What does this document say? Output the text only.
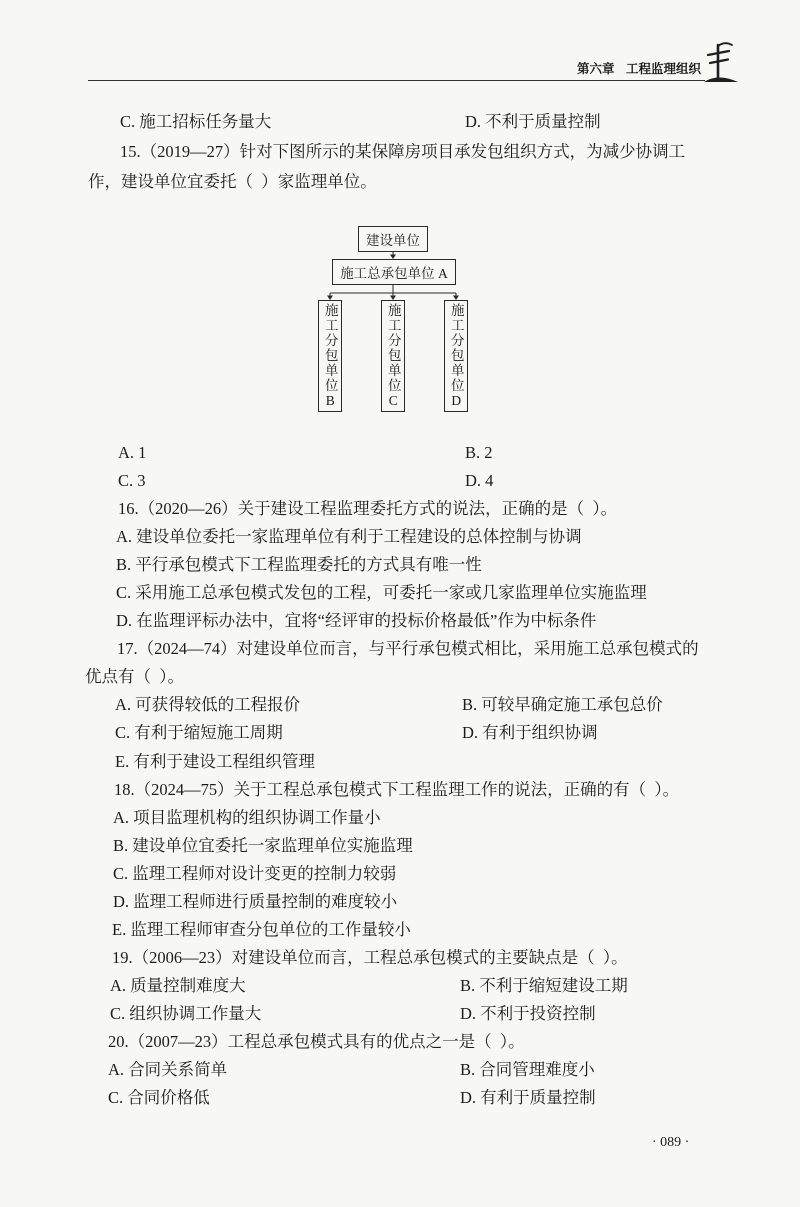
第六章 工程监理组织
C. 施工招标任务量大	D. 不利于质量控制
15.（2019—27）针对下图所示的某保障房项目承发包组织方式，为减少协调工
作，建设单位宜委托（  ）家监理单位。
建设单位
施工总承包单位 A
施工分包单位B	施工分包单位C	施工分包单位D
A. 1	B. 2
C. 3	D. 4
16.（2020—26）关于建设工程监理委托方式的说法，正确的是（  ）。
A. 建设单位委托一家监理单位有利于工程建设的总体控制与协调
B. 平行承包模式下工程监理委托的方式具有唯一性
C. 采用施工总承包模式发包的工程，可委托一家或几家监理单位实施监理
D. 在监理评标办法中，宜将“经评审的投标价格最低”作为中标条件
17.（2024—74）对建设单位而言，与平行承包模式相比，采用施工总承包模式的
优点有（  ）。
A. 可获得较低的工程报价	B. 可较早确定施工承包总价
C. 有利于缩短施工周期	D. 有利于组织协调
E. 有利于建设工程组织管理
18.（2024—75）关于工程总承包模式下工程监理工作的说法，正确的有（  ）。
A. 项目监理机构的组织协调工作量小
B. 建设单位宜委托一家监理单位实施监理
C. 监理工程师对设计变更的控制力较弱
D. 监理工程师进行质量控制的难度较小
E. 监理工程师审查分包单位的工作量较小
19.（2006—23）对建设单位而言，工程总承包模式的主要缺点是（  ）。
A. 质量控制难度大	B. 不利于缩短建设工期
C. 组织协调工作量大	D. 不利于投资控制
20.（2007—23）工程总承包模式具有的优点之一是（  ）。
A. 合同关系简单	B. 合同管理难度小
C. 合同价格低	D. 有利于质量控制
· 089 ·
